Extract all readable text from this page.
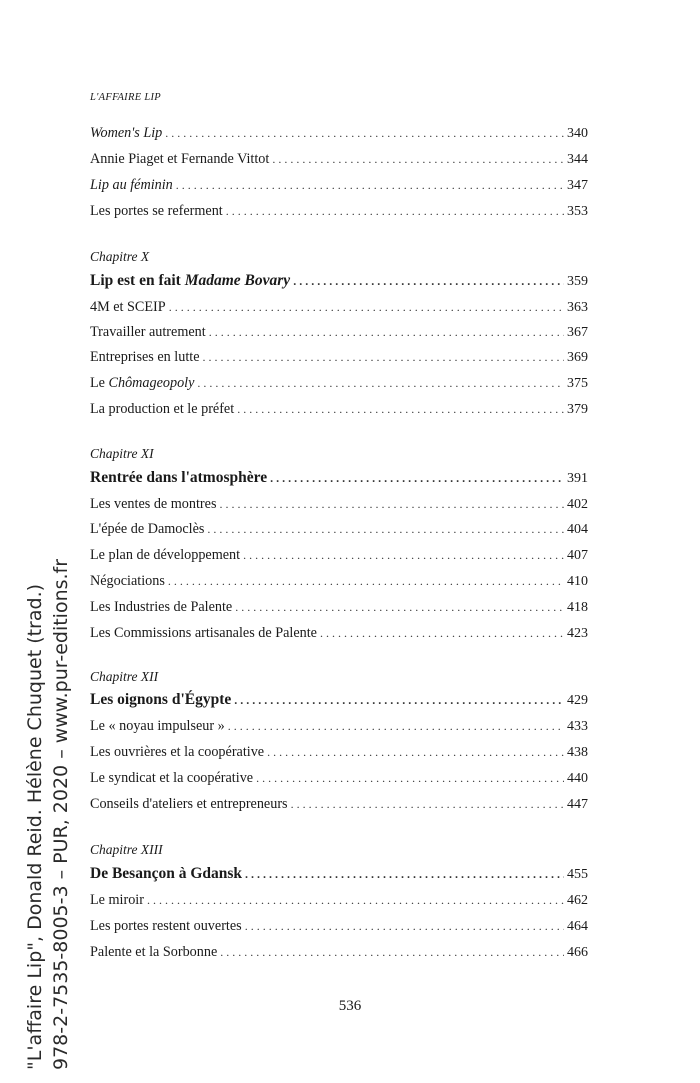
L'AFFAIRE LIP
Women's Lip . . .	340
Annie Piaget et Fernande Vittot . . .	344
Lip au féminin . . .	347
Les portes se referment . . .	353
Chapitre X
Lip est en fait Madame Bovary . . .	359
4M et SCEIP . . .	363
Travailler autrement . . .	367
Entreprises en lutte . . .	369
Le Chômageopoly . . .	375
La production et le préfet . . .	379
Chapitre XI
Rentrée dans l'atmosphère . . .	391
Les ventes de montres . . .	402
L'épée de Damoclès . . .	404
Le plan de développement . . .	407
Négociations . . .	410
Les Industries de Palente . . .	418
Les Commissions artisanales de Palente . . .	423
Chapitre XII
Les oignons d'Égypte . . .	429
Le « noyau impulseur » . . .	433
Les ouvrières et la coopérative . . .	438
Le syndicat et la coopérative . . .	440
Conseils d'ateliers et entrepreneurs . . .	447
Chapitre XIII
De Besançon à Gdansk . . .	455
Le miroir . . .	462
Les portes restent ouvertes . . .	464
Palente et la Sorbonne . . .	466
536
"L'affaire Lip", Donald Reid. Hélène Chuquet (trad.) 978-2-7535-8005-3 – PUR, 2020 – www.pur-editions.fr
